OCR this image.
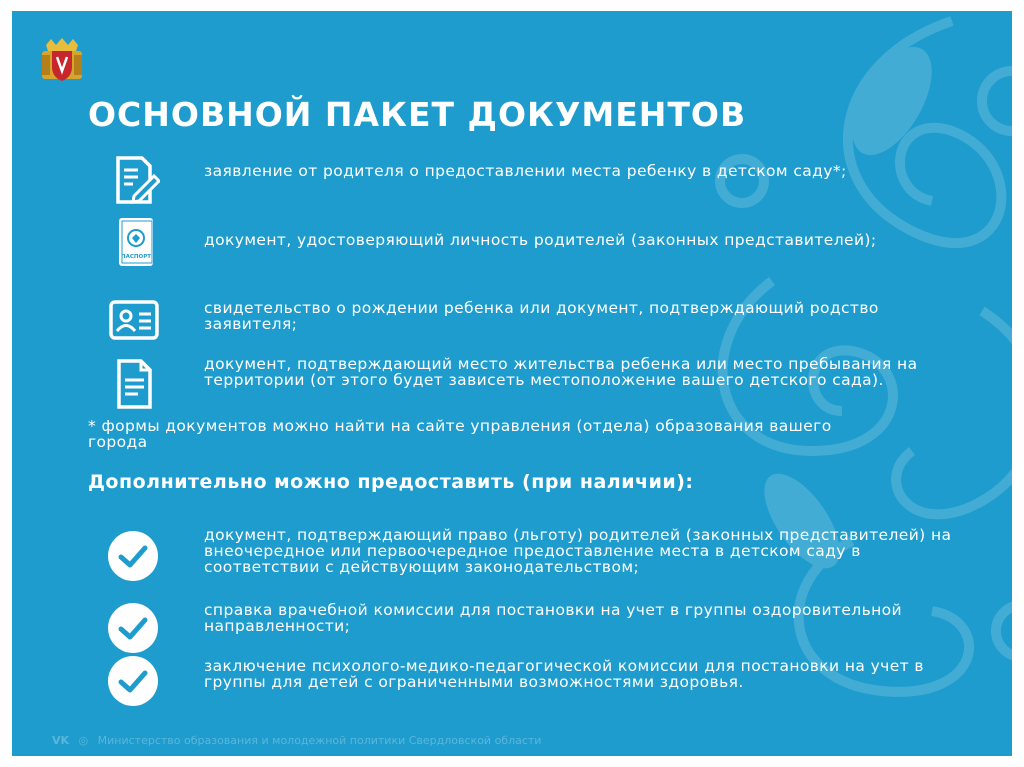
ОСНОВНОЙ ПАКЕТ ДОКУМЕНТОВ
заявление от родителя о предоставлении места ребенку в детском саду*;
ПАСПОРТ
документ, удостоверяющий личность родителей (законных представителей);
свидетельство о рождении ребенка или документ, подтверждающий родство заявителя;
документ, подтверждающий место жительства ребенка или место пребывания на территории (от этого будет зависеть местоположение вашего детского сада).
* формы документов можно найти на сайте управления (отдела) образования вашего города
Дополнительно можно предоставить (при наличии):
документ, подтверждающий право (льготу) родителей (законных представителей) на внеочередное или первоочередное предоставление места в детском саду в соответствии с действующим законодательством;
справка врачебной комиссии для постановки на учет в группы оздоровительной направленности;
заключение психолого-медико-педагогической комиссии для постановки на учет в группы для детей с ограниченными возможностями здоровья.
VK ◎ Министерство образования и молодежной политики Свердловской области
